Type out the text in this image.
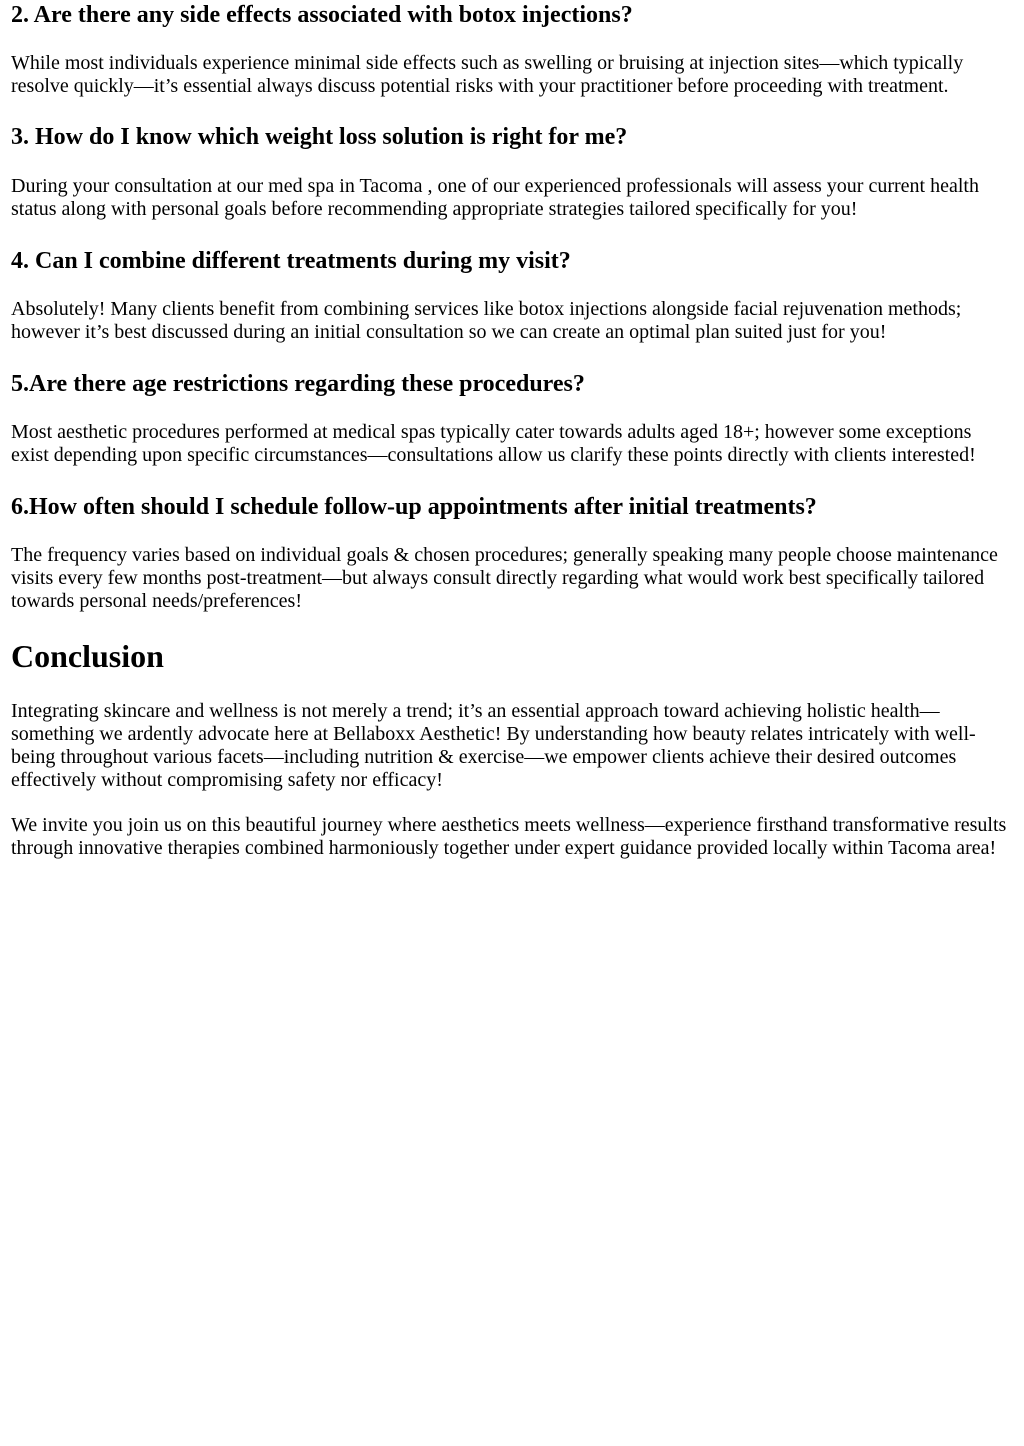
2. Are there any side effects associated with botox injections?

While most individuals experience minimal side effects such as swelling or bruising at injection sites—which typically resolve quickly—it’s essential always discuss potential risks with your practitioner before proceeding with treatment.

3. How do I know which weight loss solution is right for me?

During your consultation at our med spa in Tacoma , one of our experienced professionals will assess your current health status along with personal goals before recommending appropriate strategies tailored specifically for you!

4. Can I combine different treatments during my visit?

Absolutely! Many clients benefit from combining services like botox injections alongside facial rejuvenation methods; however it’s best discussed during an initial consultation so we can create an optimal plan suited just for you!

5.Are there age restrictions regarding these procedures?

Most aesthetic procedures performed at medical spas typically cater towards adults aged 18+; however some exceptions exist depending upon specific circumstances—consultations allow us clarify these points directly with clients interested!

6.How often should I schedule follow-up appointments after initial treatments?

The frequency varies based on individual goals & chosen procedures; generally speaking many people choose maintenance visits every few months post-treatment—but always consult directly regarding what would work best specifically tailored towards personal needs/preferences!

Conclusion

Integrating skincare and wellness is not merely a trend; it’s an essential approach toward achieving holistic health—something we ardently advocate here at Bellaboxx Aesthetic! By understanding how beauty relates intricately with well-being throughout various facets—including nutrition & exercise—we empower clients achieve their desired outcomes effectively without compromising safety nor efficacy!

We invite you join us on this beautiful journey where aesthetics meets wellness—experience firsthand transformative results through innovative therapies combined harmoniously together under expert guidance provided locally within Tacoma area!
